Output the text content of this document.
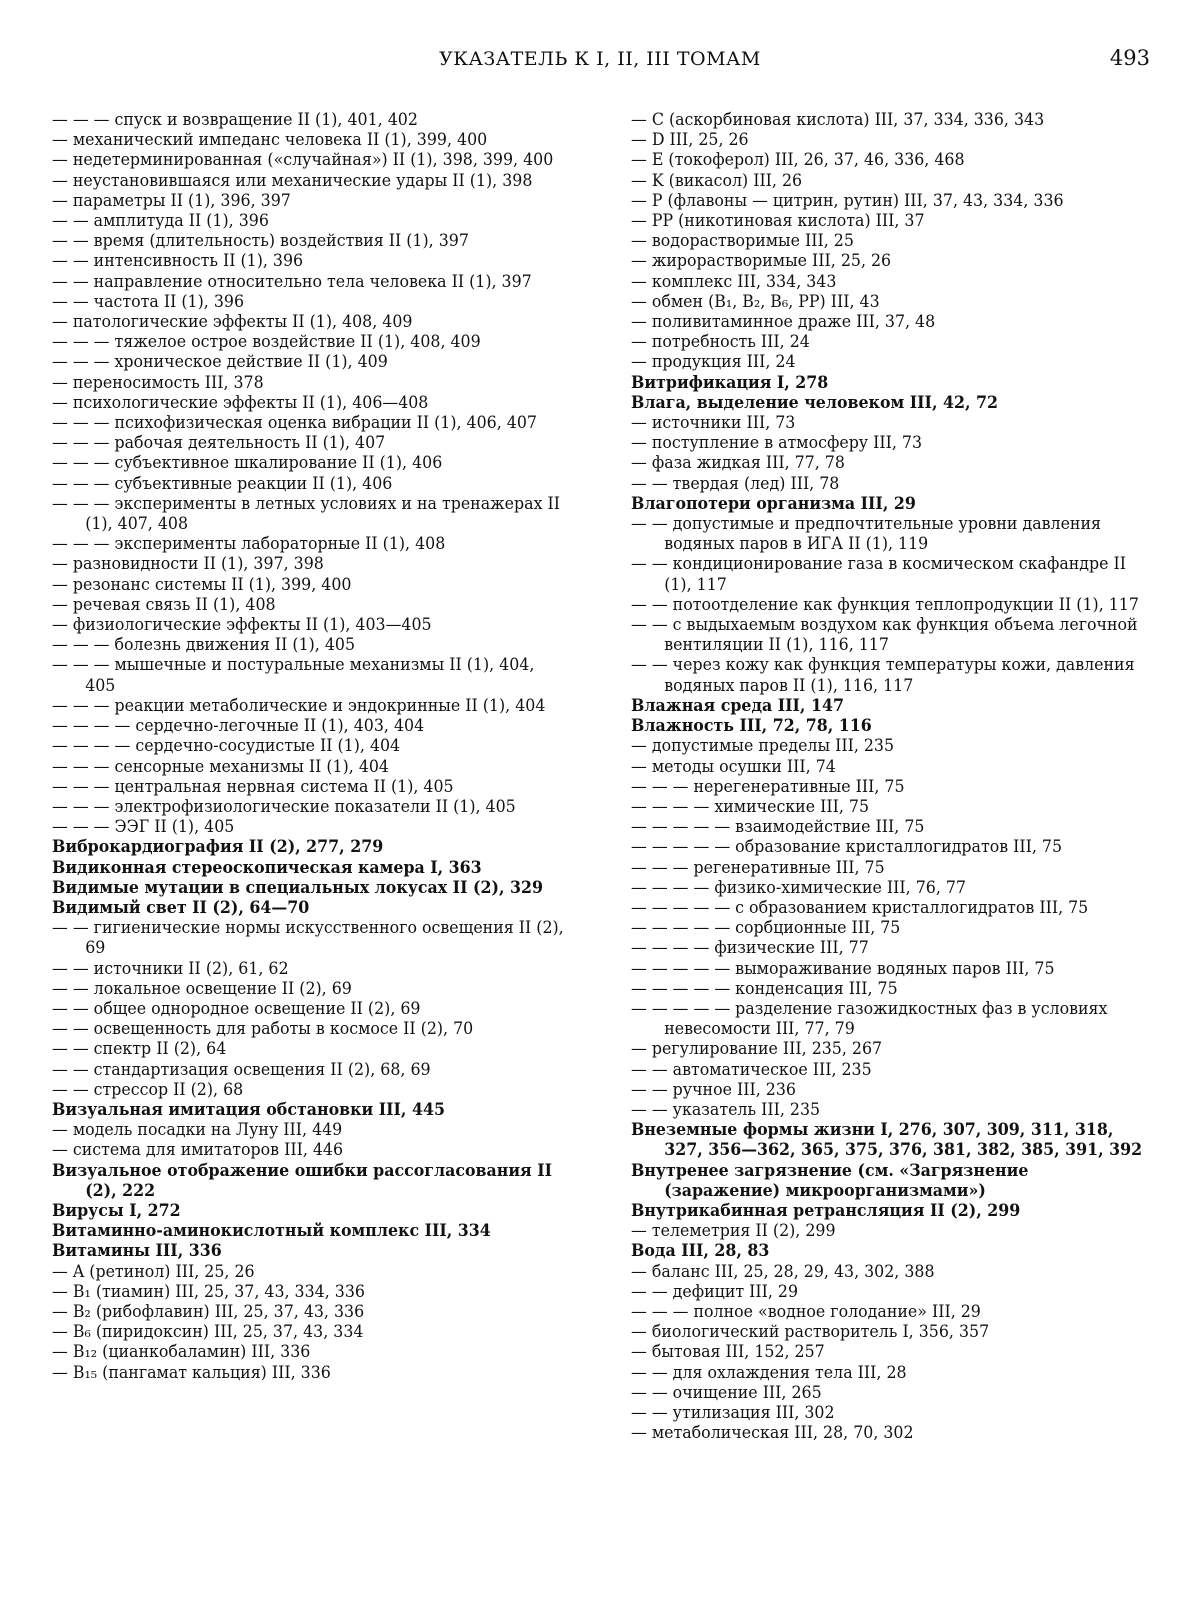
УКАЗАТЕЛЬ К I, II, III ТОМАМ	493
— — — спуск и возвращение II (1), 401, 402
— механический импеданс человека II (1), 399, 400
— недетерминированная («случайная») II (1), 398, 399, 400
— неустановившаяся или механические удары II (1), 398
— параметры II (1), 396, 397
— — амплитуда II (1), 396
— — время (длительность) воздействия II (1), 397
— — интенсивность II (1), 396
— — направление относительно тела человека II (1), 397
— — частота II (1), 396
— патологические эффекты II (1), 408, 409
— — — тяжелое острое воздействие II (1), 408, 409
— — — хроническое действие II (1), 409
— переносимость III, 378
— психологические эффекты II (1), 406—408
— — — психофизическая оценка вибрации II (1), 406, 407
— — — рабочая деятельность II (1), 407
— — — субъективное шкалирование II (1), 406
— — — субъективные реакции II (1), 406
— — — эксперименты в летных условиях и на тренажерах II (1), 407, 408
— — — эксперименты лабораторные II (1), 408
— разновидности II (1), 397, 398
— резонанс системы II (1), 399, 400
— речевая связь II (1), 408
— физиологические эффекты II (1), 403—405
— — — болезнь движения II (1), 405
— — — мышечные и постуральные механизмы II (1), 404, 405
— — — реакции метаболические и эндокринные II (1), 404
— — — — сердечно-легочные II (1), 403, 404
— — — — сердечно-сосудистые II (1), 404
— — — сенсорные механизмы II (1), 404
— — — центральная нервная система II (1), 405
— — — электрофизиологические показатели II (1), 405
— — — ЭЭГ II (1), 405
Виброкардиография II (2), 277, 279
Видиконная стереоскопическая камера I, 363
Видимые мутации в специальных локусах II (2), 329
Видимый свет II (2), 64—70
— — гигиенические нормы искусственного освещения II (2), 69
— — источники II (2), 61, 62
— — локальное освещение II (2), 69
— — общее однородное освещение II (2), 69
— — освещенность для работы в космосе II (2), 70
— — спектр II (2), 64
— — стандартизация освещения II (2), 68, 69
— — стрессор II (2), 68
Визуальная имитация обстановки III, 445
— модель посадки на Луну III, 449
— система для имитаторов III, 446
Визуальное отображение ошибки рассогласования II (2), 222
Вирусы I, 272
Витаминно-аминокислотный комплекс III, 334
Витамины III, 336
— A (ретинол) III, 25, 26
— B₁ (тиамин) III, 25, 37, 43, 334, 336
— B₂ (рибофлавин) III, 25, 37, 43, 336
— B₆ (пиридоксин) III, 25, 37, 43, 334
— B₁₂ (цианкобаламин) III, 336
— B₁₅ (пангамат кальция) III, 336
— C (аскорбиновая кислота) III, 37, 334, 336, 343
— D III, 25, 26
— E (токоферол) III, 26, 37, 46, 336, 468
— K (викасол) III, 26
— P (флавоны — цитрин, рутин) III, 37, 43, 334, 336
— PP (никотиновая кислота) III, 37
— водорастворимые III, 25
— жирорастворимые III, 25, 26
— комплекс III, 334, 343
— обмен (B₁, B₂, B₆, PP) III, 43
— поливитаминное драже III, 37, 48
— потребность III, 24
— продукция III, 24
Витрификация I, 278
Влага, выделение человеком III, 42, 72
— источники III, 73
— поступление в атмосферу III, 73
— фаза жидкая III, 77, 78
— — твердая (лед) III, 78
Влагопотери организма III, 29
— — допустимые и предпочтительные уровни давления водяных паров в ИГА II (1), 119
— — кондиционирование газа в космическом скафандре II (1), 117
— — потоотделение как функция теплопродукции II (1), 117
— — с выдыхаемым воздухом как функция объема легочной вентиляции II (1), 116, 117
— — через кожу как функция температуры кожи, давления водяных паров II (1), 116, 117
Влажная среда III, 147
Влажность III, 72, 78, 116
— допустимые пределы III, 235
— методы осушки III, 74
— — — нерегенеративные III, 75
— — — — химические III, 75
— — — — — взаимодействие III, 75
— — — — — образование кристаллогидратов III, 75
— — — регенеративные III, 75
— — — — физико-химические III, 76, 77
— — — — — с образованием кристаллогидратов III, 75
— — — — — сорбционные III, 75
— — — — физические III, 77
— — — — — вымораживание водяных паров III, 75
— — — — — конденсация III, 75
— — — — — разделение газожидкостных фаз в условиях невесомости III, 77, 79
— регулирование III, 235, 267
— — автоматическое III, 235
— — ручное III, 236
— — указатель III, 235
Внеземные формы жизни I, 276, 307, 309, 311, 318, 327, 356—362, 365, 375, 376, 381, 382, 385, 391, 392
Внутренее загрязнение (см. «Загрязнение (заражение) микроорганизмами»)
Внутрикабинная ретрансляция II (2), 299
— телеметрия II (2), 299
Вода III, 28, 83
— баланс III, 25, 28, 29, 43, 302, 388
— — дефицит III, 29
— — — полное «водное голодание» III, 29
— биологический растворитель I, 356, 357
— бытовая III, 152, 257
— — для охлаждения тела III, 28
— — очищение III, 265
— — утилизация III, 302
— метаболическая III, 28, 70, 302
